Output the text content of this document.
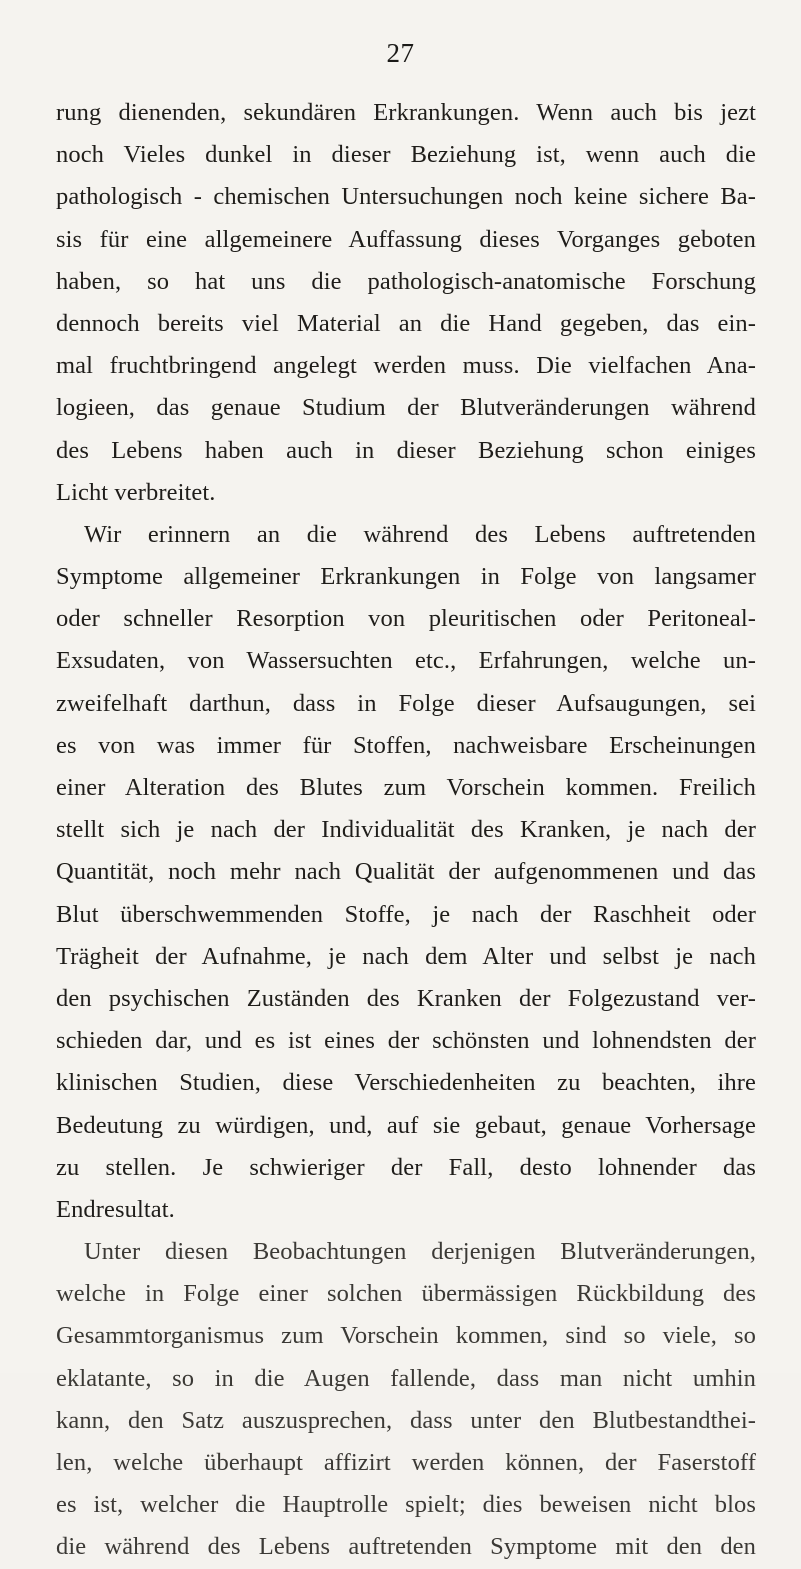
27
rung dienenden, sekundären Erkrankungen. Wenn auch bis jezt
noch Vieles dunkel in dieser Beziehung ist, wenn auch die
pathologisch - chemischen Untersuchungen noch keine sichere Ba-
sis für eine allgemeinere Auffassung dieses Vorganges geboten
haben, so hat uns die pathologisch-anatomische Forschung
dennoch bereits viel Material an die Hand gegeben, das ein-
mal fruchtbringend angelegt werden muss. Die vielfachen Ana-
logieen, das genaue Studium der Blutveränderungen während
des Lebens haben auch in dieser Beziehung schon einiges
Licht verbreitet.
Wir erinnern an die während des Lebens auftretenden
Symptome allgemeiner Erkrankungen in Folge von langsamer
oder schneller Resorption von pleuritischen oder Peritoneal-
Exsudaten, von Wassersuchten etc., Erfahrungen, welche un-
zweifelhaft darthun, dass in Folge dieser Aufsaugungen, sei
es von was immer für Stoffen, nachweisbare Erscheinungen
einer Alteration des Blutes zum Vorschein kommen. Freilich
stellt sich je nach der Individualität des Kranken, je nach der
Quantität, noch mehr nach Qualität der aufgenommenen und das
Blut überschwemmenden Stoffe, je nach der Raschheit oder
Trägheit der Aufnahme, je nach dem Alter und selbst je nach
den psychischen Zuständen des Kranken der Folgezustand ver-
schieden dar, und es ist eines der schönsten und lohnendsten der
klinischen Studien, diese Verschiedenheiten zu beachten, ihre
Bedeutung zu würdigen, und, auf sie gebaut, genaue Vorhersage
zu stellen. Je schwieriger der Fall, desto lohnender das
Endresultat.
Unter diesen Beobachtungen derjenigen Blutveränderungen,
welche in Folge einer solchen übermässigen Rückbildung des
Gesammtorganismus zum Vorschein kommen, sind so viele, so
eklatante, so in die Augen fallende, dass man nicht umhin
kann, den Satz auszusprechen, dass unter den Blutbestandthei-
len, welche überhaupt affizirt werden können, der Faserstoff
es ist, welcher die Hauptrolle spielt; dies beweisen nicht blos
die während des Lebens auftretenden Symptome mit den den
